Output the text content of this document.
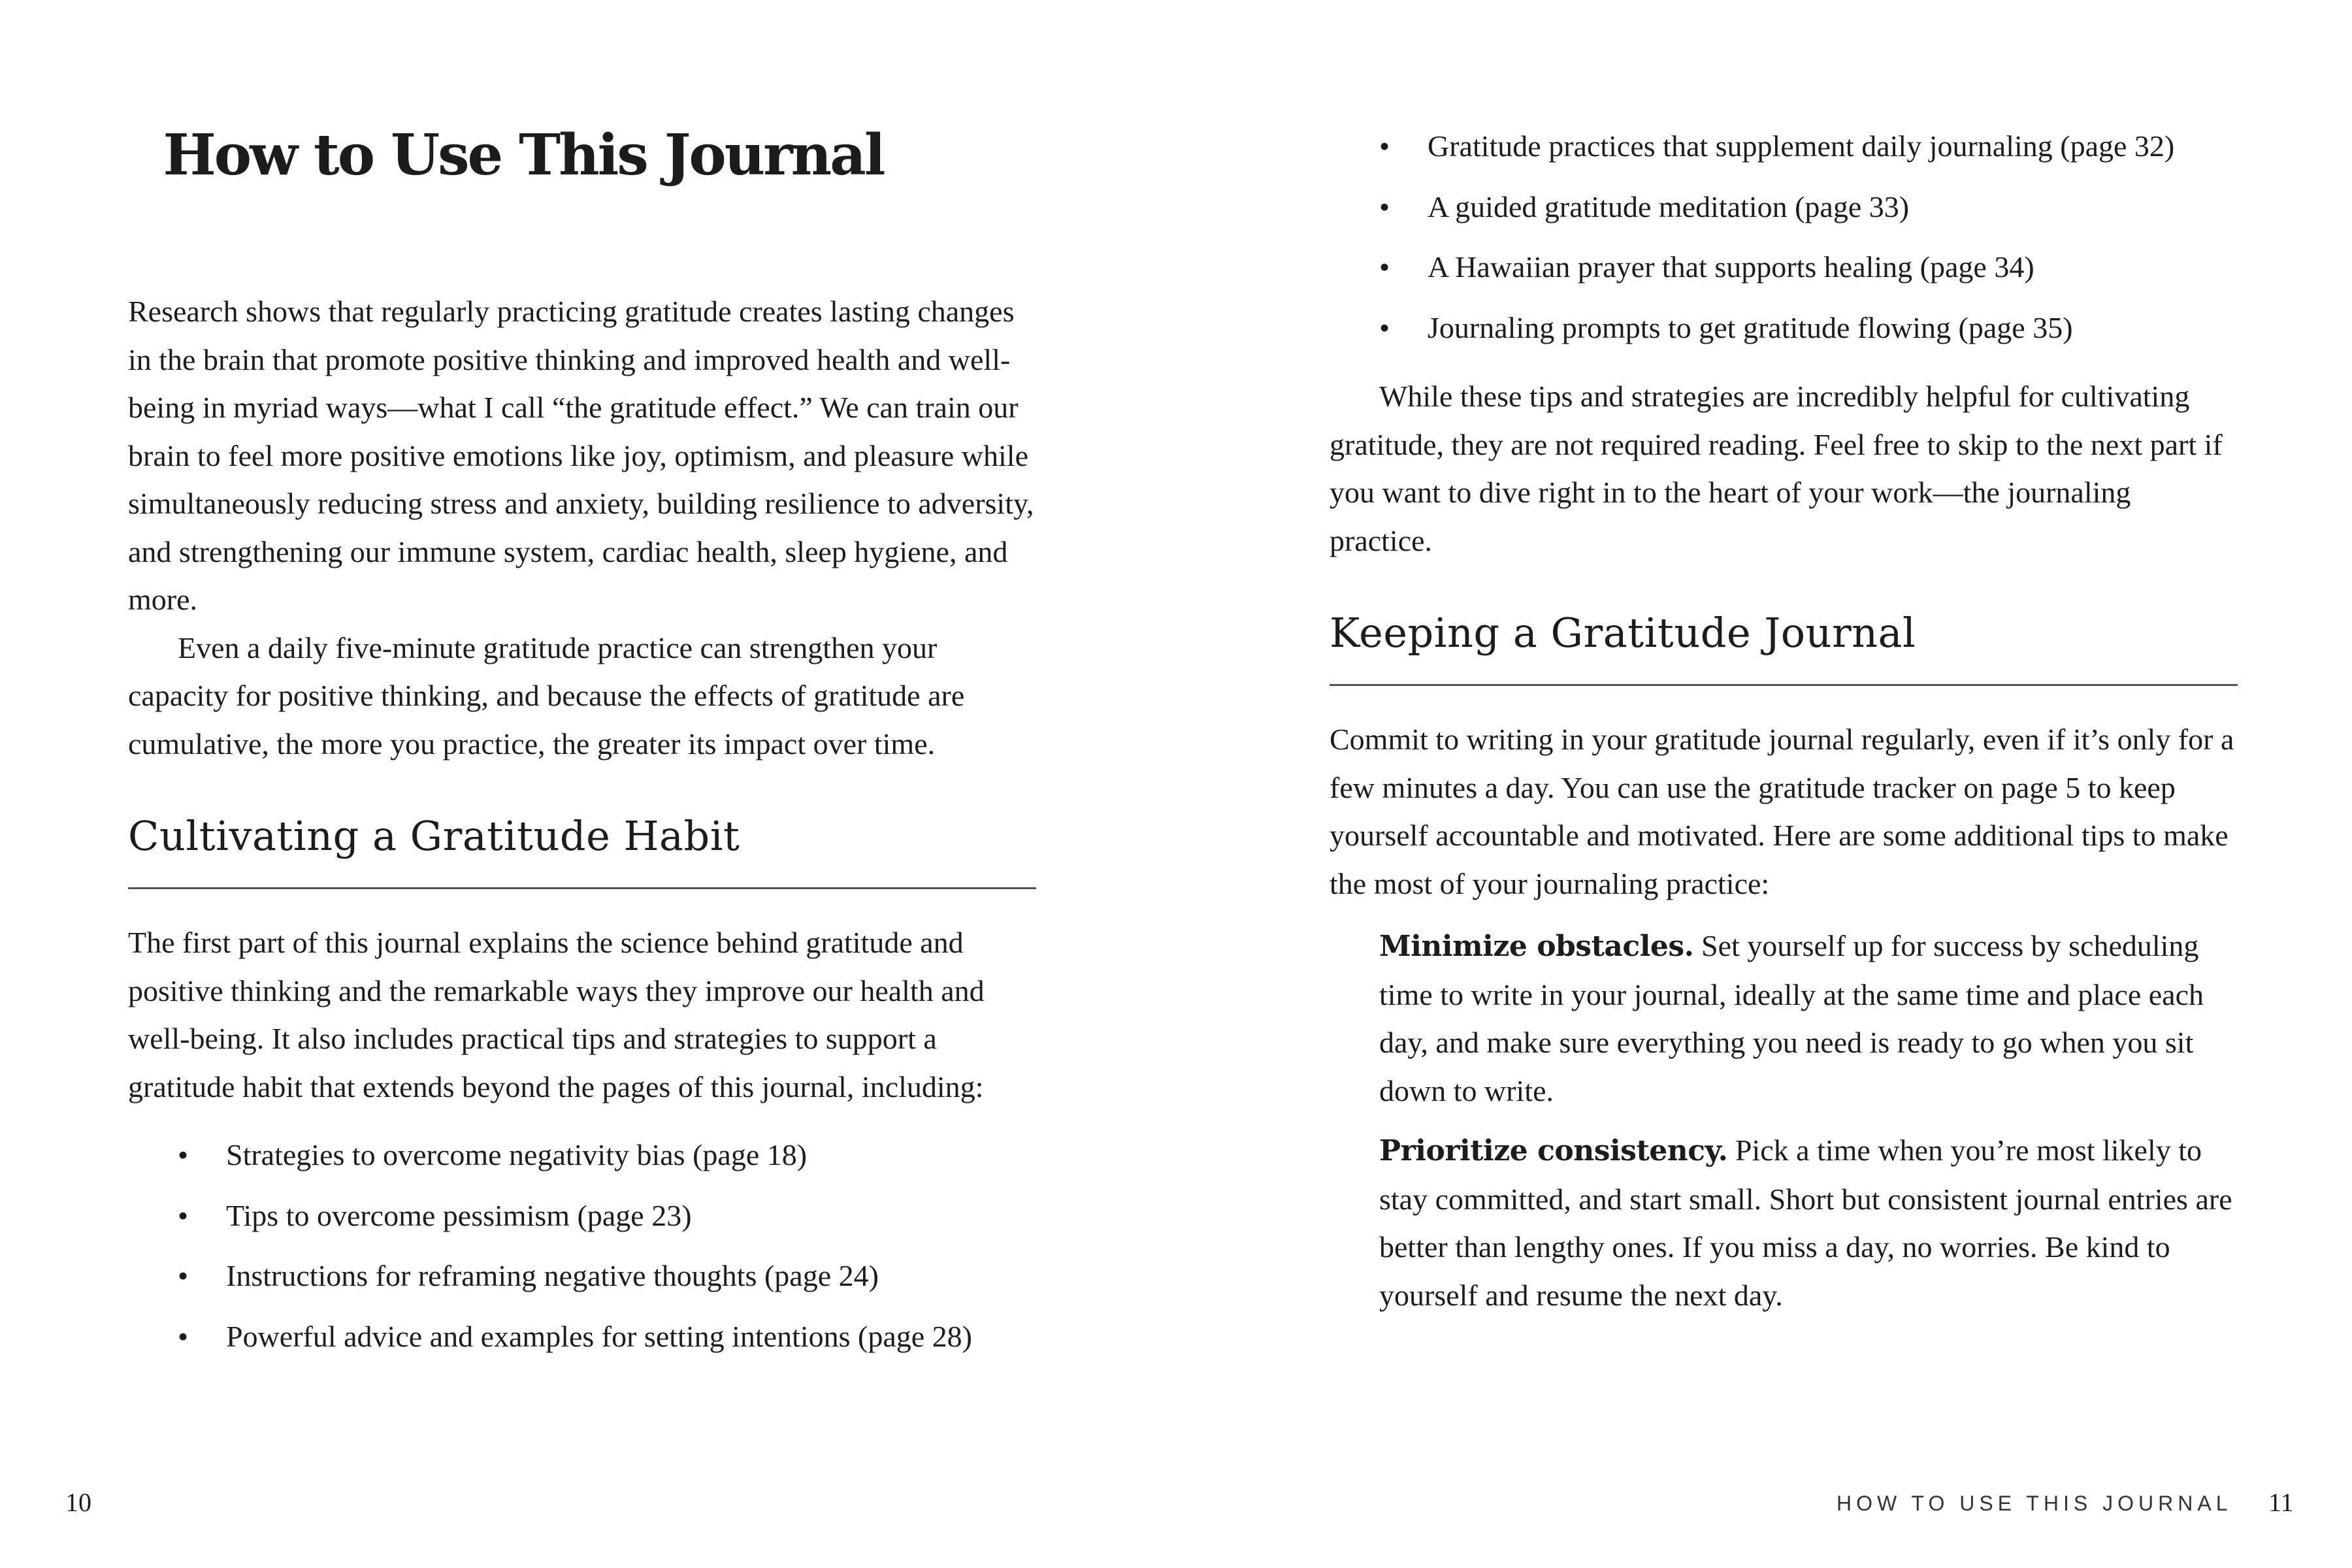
How to Use This Journal

Research shows that regularly practicing gratitude creates lasting changes in the brain that promote positive thinking and improved health and well-being in myriad ways—what I call “the gratitude effect.” We can train our brain to feel more positive emotions like joy, optimism, and pleasure while simultaneously reducing stress and anxiety, building resilience to adversity, and strengthening our immune system, cardiac health, sleep hygiene, and more.

Even a daily five-minute gratitude practice can strengthen your capacity for positive thinking, and because the effects of gratitude are cumulative, the more you practice, the greater its impact over time.

Cultivating a Gratitude Habit

The first part of this journal explains the science behind gratitude and positive thinking and the remarkable ways they improve our health and well-being. It also includes practical tips and strategies to support a gratitude habit that extends beyond the pages of this journal, including:

• Strategies to overcome negativity bias (page 18)
• Tips to overcome pessimism (page 23)
• Instructions for reframing negative thoughts (page 24)
• Powerful advice and examples for setting intentions (page 28)
10
• Gratitude practices that supplement daily journaling (page 32)
• A guided gratitude meditation (page 33)
• A Hawaiian prayer that supports healing (page 34)
• Journaling prompts to get gratitude flowing (page 35)

While these tips and strategies are incredibly helpful for cultivating gratitude, they are not required reading. Feel free to skip to the next part if you want to dive right in to the heart of your work—the journaling practice.

Keeping a Gratitude Journal

Commit to writing in your gratitude journal regularly, even if it’s only for a few minutes a day. You can use the gratitude tracker on page 5 to keep yourself accountable and motivated. Here are some additional tips to make the most of your journaling practice:

Minimize obstacles. Set yourself up for success by scheduling time to write in your journal, ideally at the same time and place each day, and make sure everything you need is ready to go when you sit down to write.

Prioritize consistency. Pick a time when you’re most likely to stay committed, and start small. Short but consistent journal entries are better than lengthy ones. If you miss a day, no worries. Be kind to yourself and resume the next day.

HOW TO USE THIS JOURNAL 11
